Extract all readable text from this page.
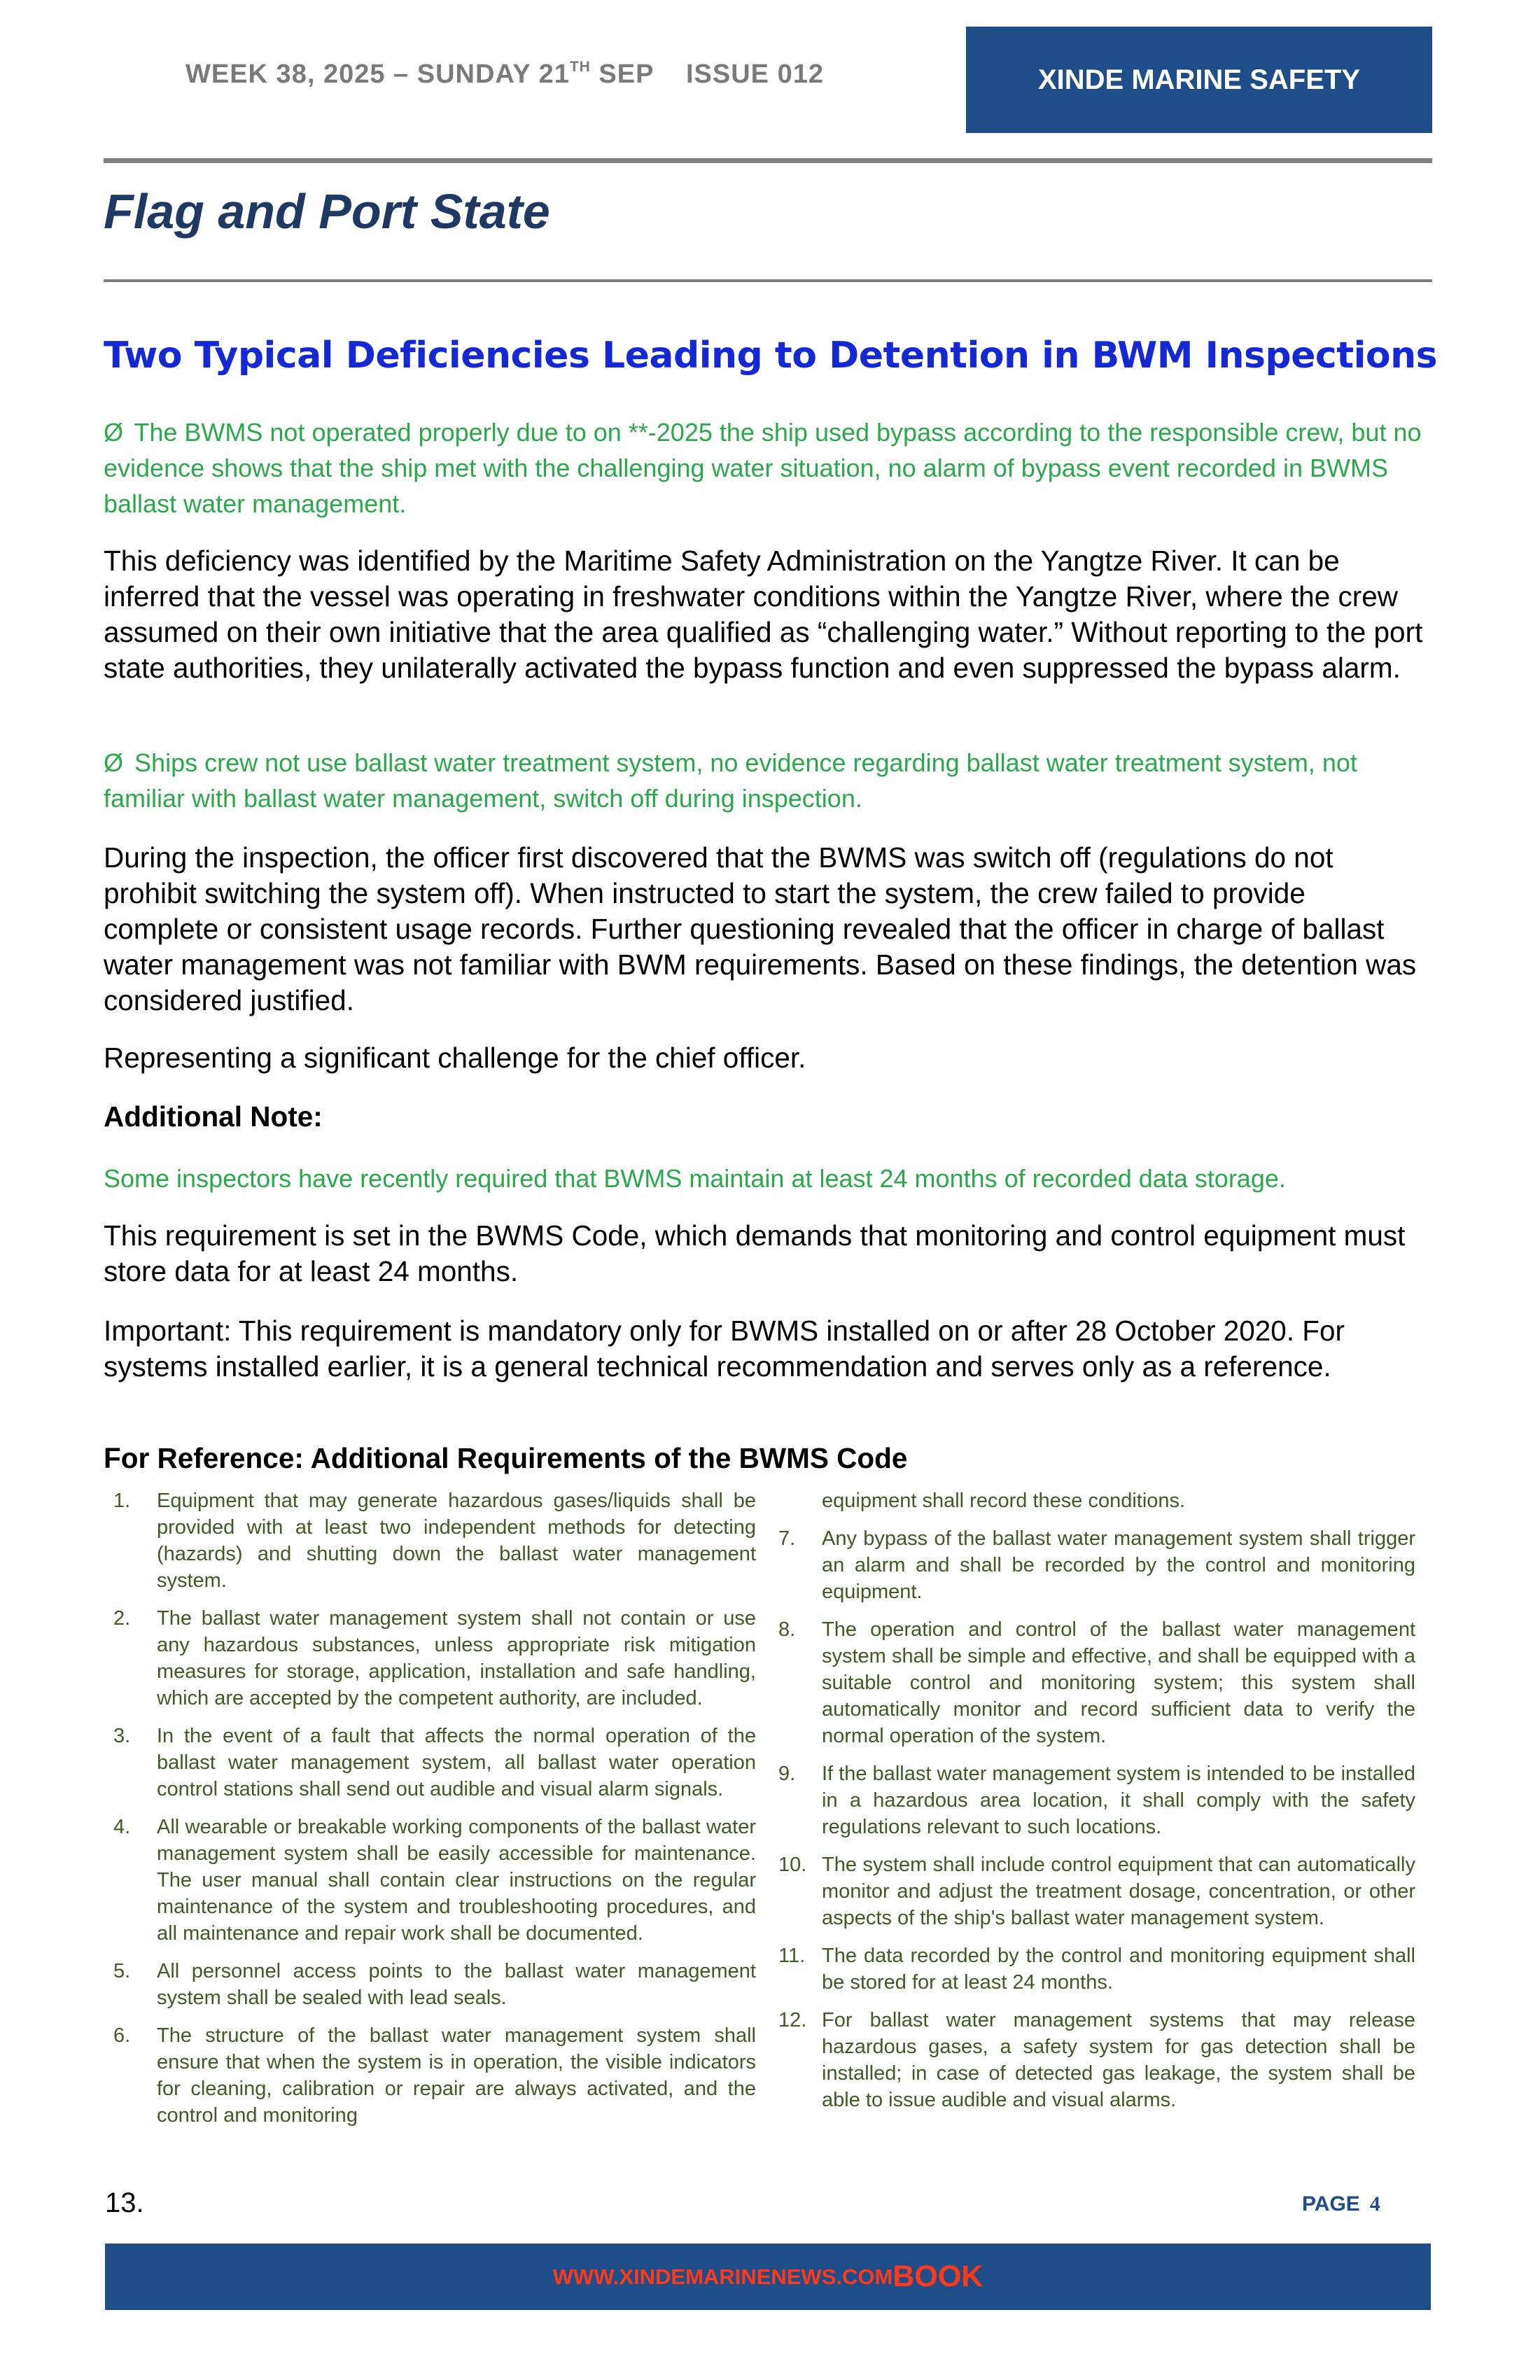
WEEK 38, 2025 – SUNDAY 21TH SEP    ISSUE 012	XINDE MARINE SAFETY
Flag and Port State
Two Typical Deficiencies Leading to Detention in BWM Inspections
Ø The BWMS not operated properly due to on **-2025 the ship used bypass according to the responsible crew, but no evidence shows that the ship met with the challenging water situation, no alarm of bypass event recorded in BWMS ballast water management.
This deficiency was identified by the Maritime Safety Administration on the Yangtze River. It can be inferred that the vessel was operating in freshwater conditions within the Yangtze River, where the crew assumed on their own initiative that the area qualified as “challenging water.” Without reporting to the port state authorities, they unilaterally activated the bypass function and even suppressed the bypass alarm.
Ø Ships crew not use ballast water treatment system, no evidence regarding ballast water treatment system, not familiar with ballast water management, switch off during inspection.
During the inspection, the officer first discovered that the BWMS was switch off (regulations do not prohibit switching the system off). When instructed to start the system, the crew failed to provide complete or consistent usage records. Further questioning revealed that the officer in charge of ballast water management was not familiar with BWM requirements. Based on these findings, the detention was considered justified.
Representing a significant challenge for the chief officer.
Additional Note:
Some inspectors have recently required that BWMS maintain at least 24 months of recorded data storage.
This requirement is set in the BWMS Code, which demands that monitoring and control equipment must store data for at least 24 months.
Important: This requirement is mandatory only for BWMS installed on or after 28 October 2020. For systems installed earlier, it is a general technical recommendation and serves only as a reference.
For Reference: Additional Requirements of the BWMS Code
1.	Equipment that may generate hazardous gases/liquids shall be provided with at least two independent methods for detecting (hazards) and shutting down the ballast water management system.
2.	The ballast water management system shall not contain or use any hazardous substances, unless appropriate risk mitigation measures for storage, application, installation and safe handling, which are accepted by the competent authority, are included.
3.	In the event of a fault that affects the normal operation of the ballast water management system, all ballast water operation control stations shall send out audible and visual alarm signals.
4.	All wearable or breakable working components of the ballast water management system shall be easily accessible for maintenance. The user manual shall contain clear instructions on the regular maintenance of the system and troubleshooting procedures, and all maintenance and repair work shall be documented.
5.	All personnel access points to the ballast water management system shall be sealed with lead seals.
6.	The structure of the ballast water management system shall ensure that when the system is in operation, the visible indicators for cleaning, calibration or repair are always activated, and the control and monitoring
equipment shall record these conditions.
7.	Any bypass of the ballast water management system shall trigger an alarm and shall be recorded by the control and monitoring equipment.
8.	The operation and control of the ballast water management system shall be simple and effective, and shall be equipped with a suitable control and monitoring system; this system shall automatically monitor and record sufficient data to verify the normal operation of the system.
9.	If the ballast water management system is intended to be installed in a hazardous area location, it shall comply with the safety regulations relevant to such locations.
10. The system shall include control equipment that can automatically monitor and adjust the treatment dosage, concentration, or other aspects of the ship's ballast water management system.
11. The data recorded by the control and monitoring equipment shall be stored for at least 24 months.
12. For ballast water management systems that may release hazardous gases, a safety system for gas detection shall be installed; in case of detected gas leakage, the system shall be able to issue audible and visual alarms.
13.	PAGE 4
WWW.XINDEMARINENEWS.COM BOOK
